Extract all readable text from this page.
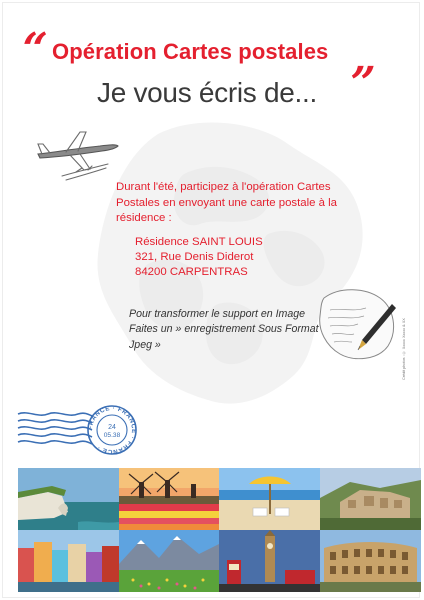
“ Opération Cartes postales
Je vous écris de... ”
Durant l'été, participez à l'opération Cartes Postales en envoyant une carte postale à la résidence :
Résidence SAINT LOUIS
321, Rue Denis Diderot
84200 CARPENTRAS
Pour transformer le support en Image Faites un » enregistrement Sous Format Jpeg »	Crédit photos : © Xxxxx Xxxxx & XX
FRANCE · FRANCE · FRANCE ·
24
05.38
